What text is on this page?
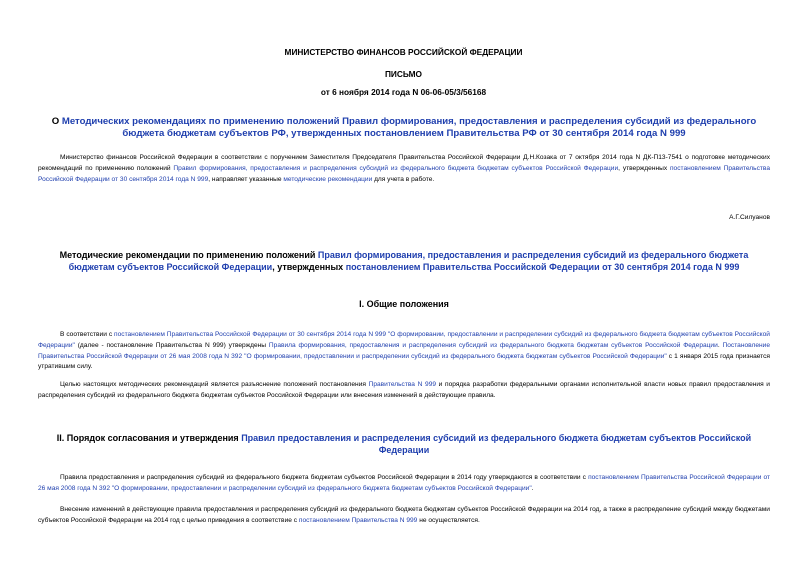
МИНИСТЕРСТВО ФИНАНСОВ РОССИЙСКОЙ ФЕДЕРАЦИИ
ПИСЬМО
от 6 ноября 2014 года N 06-06-05/3/56168
О Методических рекомендациях по применению положений Правил формирования, предоставления и распределения субсидий из федерального бюджета бюджетам субъектов РФ, утвержденных постановлением Правительства РФ от 30 сентября 2014 года N 999
Министерство финансов Российской Федерации в соответствии с поручением Заместителя Председателя Правительства Российской Федерации Д.Н.Козака от 7 октября 2014 года N ДК-П13-7541 о подготовке методических рекомендаций по применению положений Правил формирования, предоставления и распределения субсидий из федерального бюджета бюджетам субъектов Российской Федерации, утвержденных постановлением Правительства Российской Федерации от 30 сентября 2014 года N 999, направляет указанные методические рекомендации для учета в работе.
А.Г.Силуанов
Методические рекомендации по применению положений Правил формирования, предоставления и распределения субсидий из федерального бюджета бюджетам субъектов Российской Федерации, утвержденных постановлением Правительства Российской Федерации от 30 сентября 2014 года N 999
I. Общие положения
В соответствии с постановлением Правительства Российской Федерации от 30 сентября 2014 года N 999 "О формировании, предоставлении и распределении субсидий из федерального бюджета бюджетам субъектов Российской Федерации" (далее - постановление Правительства N 999) утверждены Правила формирования, предоставления и распределения субсидий из федерального бюджета бюджетам субъектов Российской Федерации. Постановление Правительства Российской Федерации от 26 мая 2008 года N 392 "О формировании, предоставлении и распределении субсидий из федерального бюджета бюджетам субъектов Российской Федерации" с 1 января 2015 года признается утратившим силу.
Целью настоящих методических рекомендаций является разъяснение положений постановления Правительства N 999 и порядка разработки федеральными органами исполнительной власти новых правил предоставления и распределения субсидий из федерального бюджета бюджетам субъектов Российской Федерации или внесения изменений в действующие правила.
II. Порядок согласования и утверждения Правил предоставления и распределения субсидий из федерального бюджета бюджетам субъектов Российской Федерации
Правила предоставления и распределения субсидий из федерального бюджета бюджетам субъектов Российской Федерации в 2014 году утверждаются в соответствии с постановлением Правительства Российской Федерации от 26 мая 2008 года N 392 "О формировании, предоставлении и распределении субсидий из федерального бюджета бюджетам субъектов Российской Федерации".
Внесение изменений в действующие правила предоставления и распределения субсидий из федерального бюджета бюджетам субъектов Российской Федерации на 2014 год, а также в распределение субсидий между бюджетами субъектов Российской Федерации на 2014 год с целью приведения в соответствие с постановлением Правительства N 999 не осуществляется.
